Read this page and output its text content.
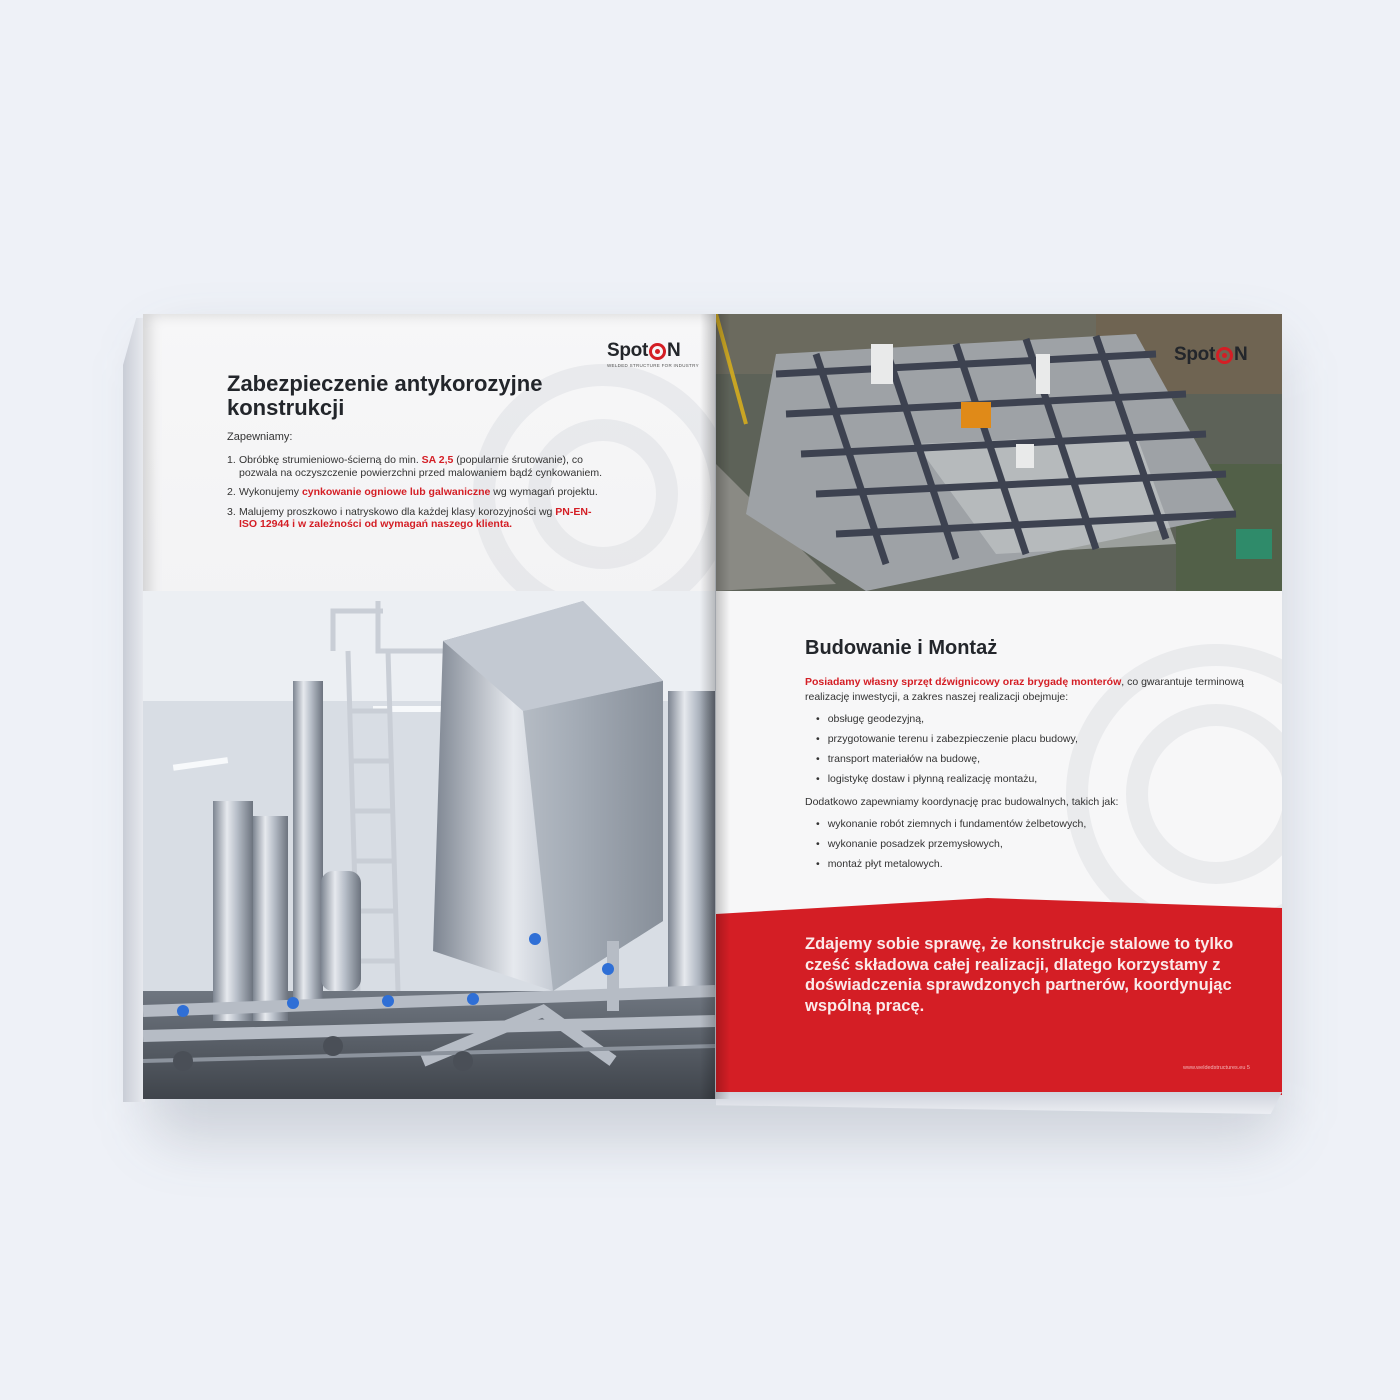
Spot N
WELDED STRUCTURE FOR INDUSTRY
Zabezpieczenie antykorozyjne konstrukcji

Zapewniamy:

1. Obróbkę strumieniowo-ścierną do min. SA 2,5 (popularnie śrutowanie), co pozwala na oczyszczenie powierzchni przed malowaniem bądź cynkowaniem.
2. Wykonujemy cynkowanie ogniowe lub galwaniczne wg wymagań projektu.
3. Malujemy proszkowo i natryskowo dla każdej klasy korozyjności wg PN-EN-ISO 12944 i w zależności od wymagań naszego klienta.
Spot N
Budowanie i Montaż

Posiadamy własny sprzęt dźwignicowy oraz brygadę monterów, co gwarantuje terminową realizację inwestycji, a zakres naszej realizacji obejmuje:

• obsługę geodezyjną,
• przygotowanie terenu i zabezpieczenie placu budowy,
• transport materiałów na budowę,
• logistykę dostaw i płynną realizację montażu,

Dodatkowo zapewniamy koordynację prac budowalnych, takich jak:

• wykonanie robót ziemnych i fundamentów żelbetowych,
• wykonanie posadzek przemysłowych,
• montaż płyt metalowych.

Zdajemy sobie sprawę, że konstrukcje stalowe to tylko cześć składowa całej realizacji, dlatego korzystamy z doświadczenia sprawdzonych partnerów, koordynując wspólną pracę.

www.weldedstructures.eu 5
